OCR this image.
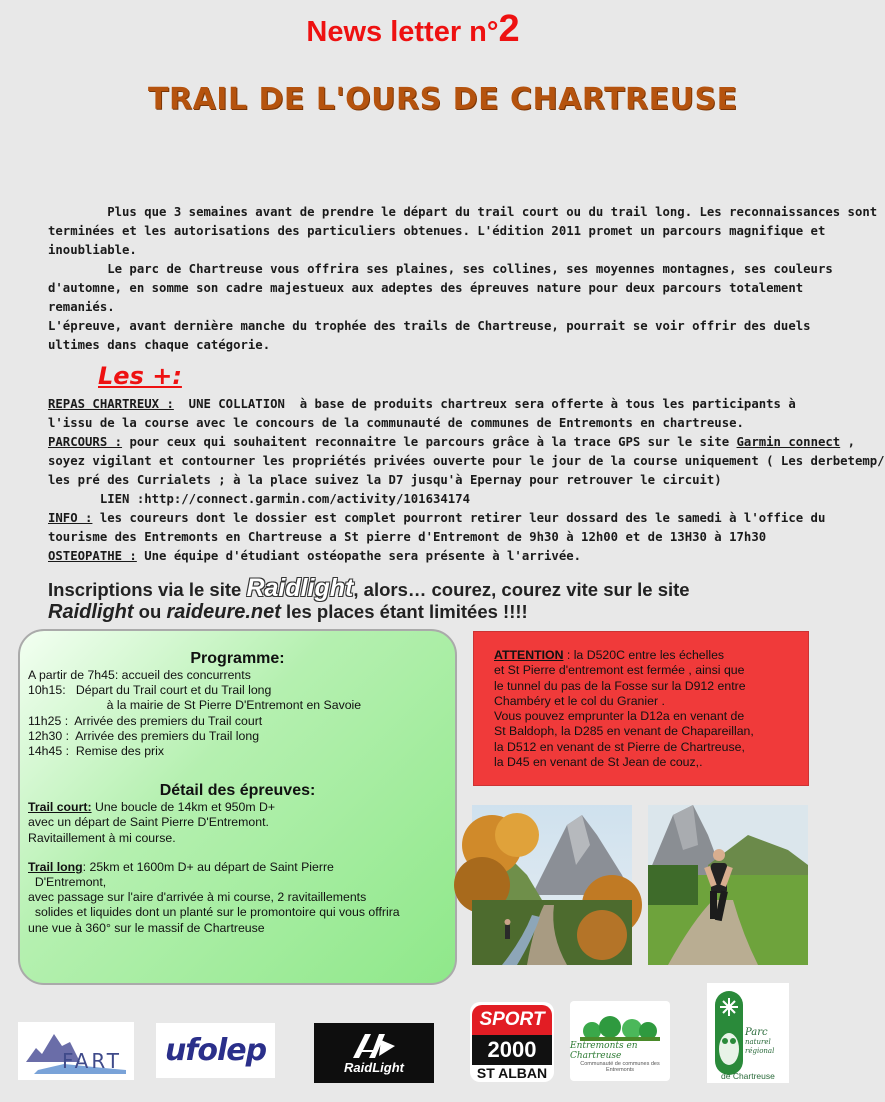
News letter n°2
TRAIL DE L'OURS DE CHARTREUSE
Plus que 3 semaines avant de prendre le départ du trail court ou du trail long. Les reconnaissances sont
terminées et les autorisations des particuliers obtenues. L'édition 2011 promet un parcours magnifique et
inoubliable.
Le parc de Chartreuse vous offrira ses plaines, ses collines, ses moyennes montagnes, ses couleurs
d'automne, en somme son cadre majestueux aux adeptes des épreuves nature pour deux parcours totalement
remaniés.
L'épreuve, avant dernière manche du trophée des trails de Chartreuse, pourrait se voir offrir des duels
ultimes dans chaque catégorie.
Les +:
REPAS CHARTREUX :  UNE COLLATION  à base de produits chartreux sera offerte à tous les participants à
l'issu de la course avec le concours de la communauté de communes de Entremonts en chartreuse.
PARCOURS : pour ceux qui souhaitent reconnaitre le parcours grâce à la trace GPS sur le site Garmin connect ,
soyez vigilant et contourner les propriétés privées ouverte pour le jour de la course uniquement ( Les derbetemp/
les pré des Currialets ; à la place suivez la D7 jusqu'à Epernay pour retrouver le circuit)
LIEN :http://connect.garmin.com/activity/101634174
INFO : les coureurs dont le dossier est complet pourront retirer leur dossard des le samedi à l'office du
tourisme des Entremonts en Chartreuse a St pierre d'Entremont de 9h30 à 12h00 et de 13H30 à 17h30
OSTEOPATHE : Une équipe d'étudiant ostéopathe sera présente à l'arrivée.
Inscriptions via le site Raidlight, alors… courez, courez vite sur le site
Raidlight ou raideure.net les places étant limitées !!!!
Programme:
A partir de 7h45: accueil des concurrents
10h15:   Départ du Trail court et du Trail long
à la mairie de St Pierre D'Entremont en Savoie
11h25 :  Arrivée des premiers du Trail court
12h30 :  Arrivée des premiers du Trail long
14h45 :  Remise des prix
Détail des épreuves:
Trail court: Une boucle de 14km et 950m D+
avec un départ de Saint Pierre D'Entremont.
Ravitaillement à mi course.
Trail long: 25km et 1600m D+ au départ de Saint Pierre
D'Entremont,
avec passage sur l'aire d'arrivée à mi course, 2 ravitaillements
solides et liquides dont un planté sur le promontoire qui vous offrira
une vue à 360° sur le massif de Chartreuse
ATTENTION : la D520C entre les échelles
et St Pierre d'entremont est fermée , ainsi que
le tunnel du pas de la Fosse sur la D912 entre
Chambéry et le col du Granier .
Vous pouvez emprunter la D12a en venant de
St Baldoph, la D285 en venant de Chapareillan,
la D512 en venant de st Pierre de Chartreuse,
la D45 en venant de St Jean de couz,.
FART ufolep	RaidLight
SPORT
2000
ST ALBAN
Entremonts en Chartreuse
Communauté de communes des Entremonts
Parc
naturel
régional
de Chartreuse
